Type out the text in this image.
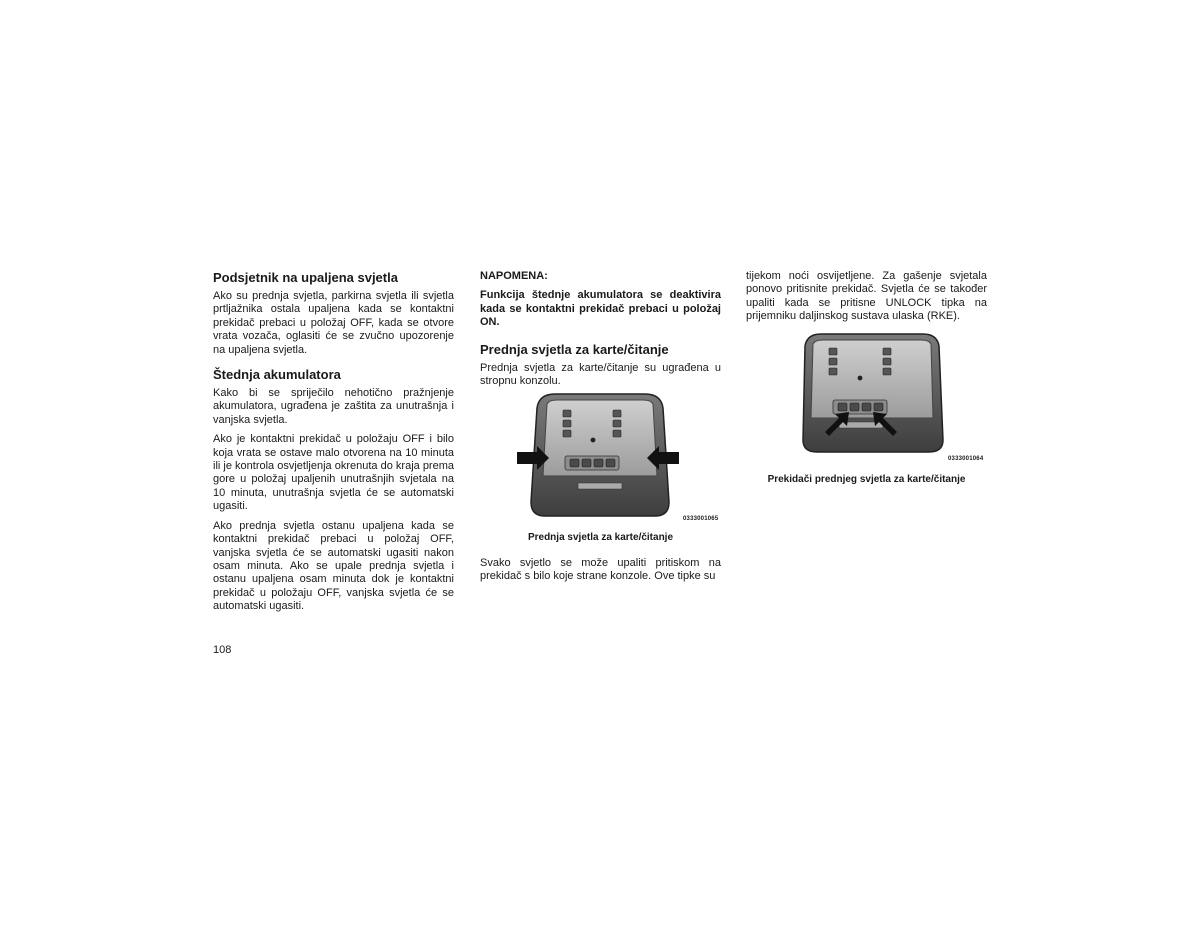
Podsjetnik na upaljena svjetla

Ako su prednja svjetla, parkirna svjetla ili svjetla prtljažnika ostala upaljena kada se kontaktni prekidač prebaci u položaj OFF, kada se otvore vrata vozača, oglasiti će se zvučno upozorenje na upaljena svjetla.

Štednja akumulatora

Kako bi se spriječilo nehotično pražnjenje akumulatora, ugrađena je zaštita za unutrašnja i vanjska svjetla.

Ako je kontaktni prekidač u položaju OFF i bilo koja vrata se ostave malo otvorena na 10 minuta ili je kontrola osvjetljenja okrenuta do kraja prema gore u položaj upaljenih unutrašnjih svjetala na 10 minuta, unutrašnja svjetla će se automatski ugasiti.

Ako prednja svjetla ostanu upaljena kada se kontaktni prekidač prebaci u položaj OFF, vanjska svjetla će se automatski ugasiti nakon osam minuta. Ako se upale prednja svjetla i ostanu upaljena osam minuta dok je kontaktni prekidač u položaju OFF, vanjska svjetla će se automatski ugasiti.

NAPOMENA:
Funkcija štednje akumulatora se deaktivira kada se kontaktni prekidač prebaci u položaj ON.
Prednja svjetla za karte/čitanje

Prednja svjetla za karte/čitanje su ugrađena u stropnu konzolu.

0333001065
Prednja svjetla za karte/čitanje

Svako svjetlo se može upaliti pritiskom na prekidač s bilo koje strane konzole. Ove tipke su

tijekom noći osvijetljene. Za gašenje svjetala ponovo pritisnite prekidač. Svjetla će se također upaliti kada se pritisne UNLOCK tipka na prijemniku daljinskog sustava ulaska (RKE).

0333001064
Prekidači prednjeg svjetla za karte/čitanje
108
